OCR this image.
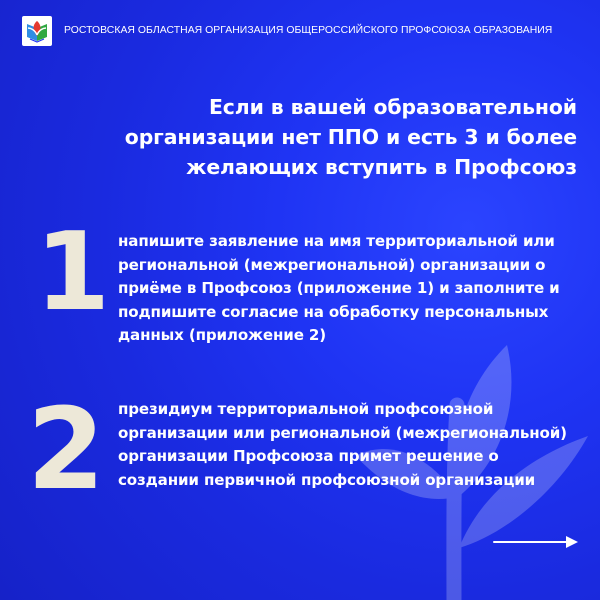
РОСТОВСКАЯ ОБЛАСТНАЯ ОРГАНИЗАЦИЯ ОБЩЕРОССИЙСКОГО ПРОФСОЮЗА ОБРАЗОВАНИЯ
Если в вашей образовательной организации нет ППО и есть 3 и более желающих вступить в Профсоюз
1 напишите заявление на имя территориальной или региональной (межрегиональной) организации о приёме в Профсоюз (приложение 1) и заполните и подпишите согласие на обработку персональных данных (приложение 2)

2 президиум территориальной профсоюзной организации или региональной (межрегиональной) организации Профсоюза примет решение о создании первичной профсоюзной организации
